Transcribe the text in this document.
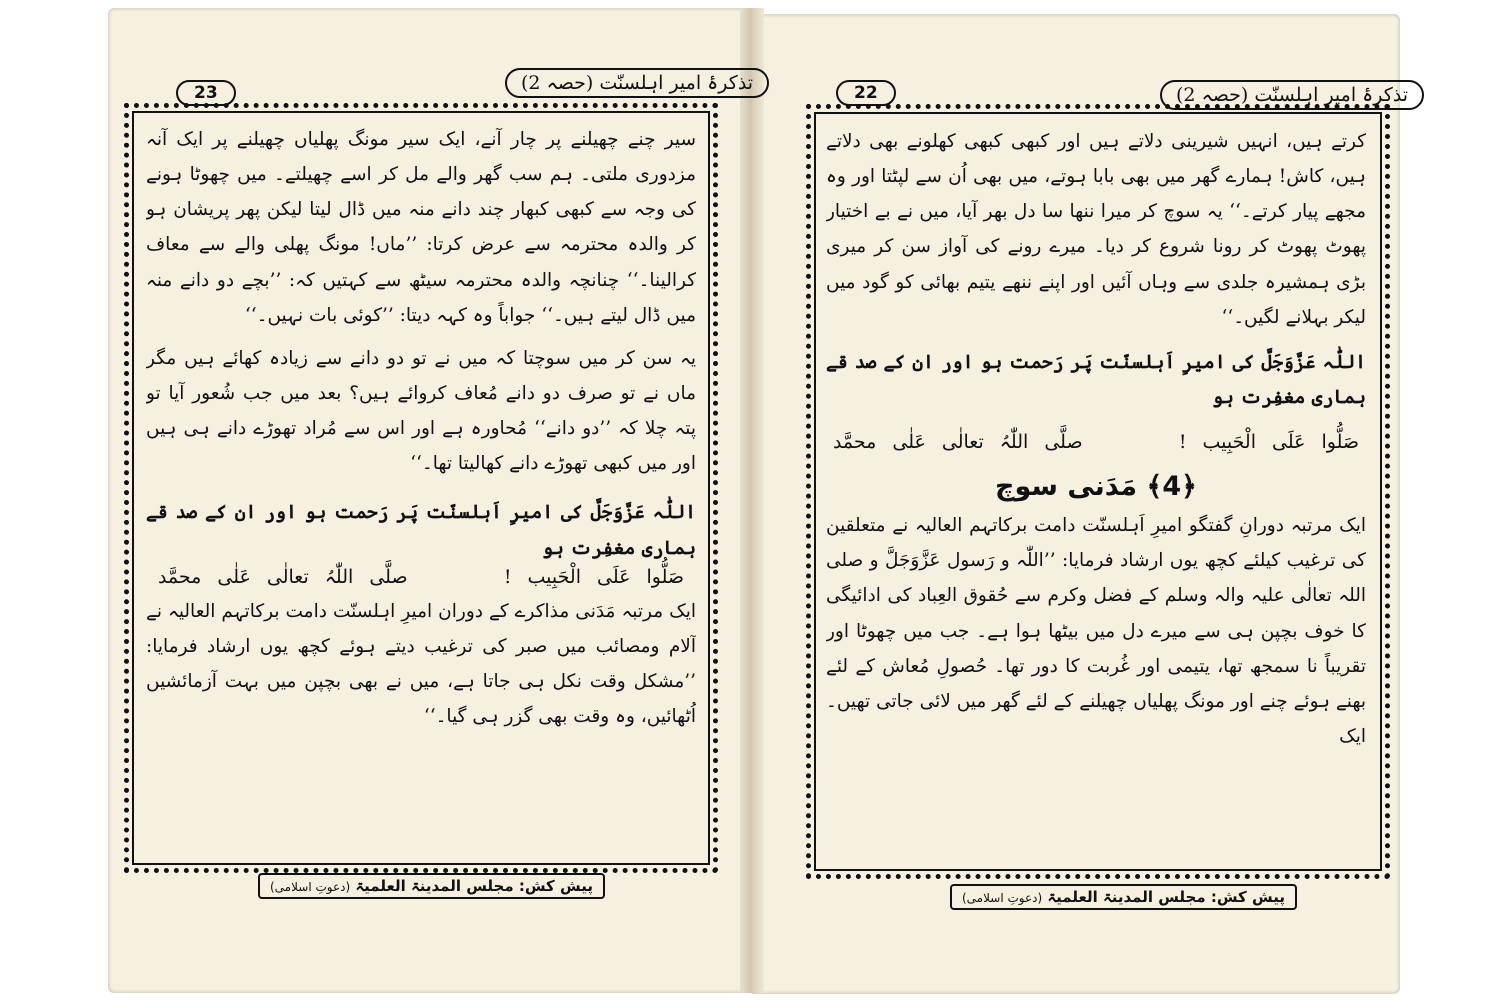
تذکرۂ امیر اہلسنّت (حصہ 2)
23

سیر چنے چھیلنے پر چار آنے، ایک سیر مونگ پھلیاں چھیلنے پر ایک آنہ مزدوری ملتی۔ ہم سب گھر والے مل کر اسے چھیلتے۔ میں چھوٹا ہونے کی وجہ سے کبھی کبھار چند دانے منہ میں ڈال لیتا لیکن پھر پریشان ہو کر والدہ محترمہ سے عرض کرتا: ’’ماں! مونگ پھلی والے سے معاف کرالینا۔‘‘ چنانچہ والدہ محترمہ سیٹھ سے کہتیں کہ: ’’بچے دو دانے منہ میں ڈال لیتے ہیں۔‘‘ جواباً وہ کہہ دیتا: ’’کوئی بات نہیں۔‘‘

یہ سن کر میں سوچتا کہ میں نے تو دو دانے سے زیادہ کھائے ہیں مگر ماں نے تو صرف دو دانے مُعاف کروائے ہیں؟ بعد میں جب شُعور آیا تو پتہ چلا کہ ’’دو دانے‘‘ مُحاورہ ہے اور اس سے مُراد تھوڑے دانے ہی ہیں اور میں کبھی تھوڑے دانے کھالیتا تھا۔‘‘

اللّٰہ عَزَّوَجَلَّ کی امیرِ اَہلسنّت پَر رَحمت ہو اور ان کے صد قے ہماری مغفِرت ہو

صَلُّوا عَلَی الْحَبِیب !      صلَّی اللّٰہُ تعالٰی عَلٰی محمَّد

ایک مرتبہ مَدَنی مذاکرے کے دوران امیرِ اہلسنّت دامت برکاتہم العالیہ نے آلام ومصائب میں صبر کی ترغیب دیتے ہوئے کچھ یوں ارشاد فرمایا: ’’مشکل وقت نکل ہی جاتا ہے، میں نے بھی بچپن میں بہت آزمائشیں اُٹھائیں، وہ وقت بھی گزر ہی گیا۔‘‘

پیش کش: مجلس المدینۃ العلمیۃ (دعوتِ اسلامی)
تذکرۂ امیر اہلسنّت (حصہ 2)
22

کرتے ہیں، انہیں شیرینی دلاتے ہیں اور کبھی کبھی کھلونے بھی دلاتے ہیں، کاش! ہمارے گھر میں بھی بابا ہوتے، میں بھی اُن سے لپٹتا اور وہ مجھے پیار کرتے۔‘‘ یہ سوچ کر میرا ننھا سا دل بھر آیا، میں نے بے اختیار پھوٹ پھوٹ کر رونا شروع کر دیا۔ میرے رونے کی آواز سن کر میری بڑی ہمشیرہ جلدی سے وہاں آئیں اور اپنے ننھے یتیم بھائی کو گود میں لیکر بہلانے لگیں۔‘‘

اللّٰہ عَزَّوَجَلَّ کی امیرِ اَہلسنّت پَر رَحمت ہو اور ان کے صد قے ہماری مغفِرت ہو

صَلُّوا عَلَی الْحَبِیب !      صلَّی اللّٰہُ تعالٰی عَلٰی محمَّد
﴿4﴾ مَدَنی سوچ

ایک مرتبہ دورانِ گفتگو امیرِ اَہلسنّت دامت برکاتہم العالیہ نے متعلقین کی ترغیب کیلئے کچھ یوں ارشاد فرمایا: ’’اللّٰہ و رَسول عَزَّوَجَلَّ و صلی اللہ تعالٰی علیہ والہ وسلم کے فضل وکرم سے حُقوق العِباد کی ادائیگی کا خوف بچپن ہی سے میرے دل میں بیٹھا ہوا ہے۔ جب میں چھوٹا اور تقریباً نا سمجھ تھا، یتیمی اور غُربت کا دور تھا۔ حُصولِ مُعاش کے لئے بھنے ہوئے چنے اور مونگ پھلیاں چھیلنے کے لئے گھر میں لائی جاتی تھیں۔ ایک

پیش کش: مجلس المدینۃ العلمیۃ (دعوتِ اسلامی)
